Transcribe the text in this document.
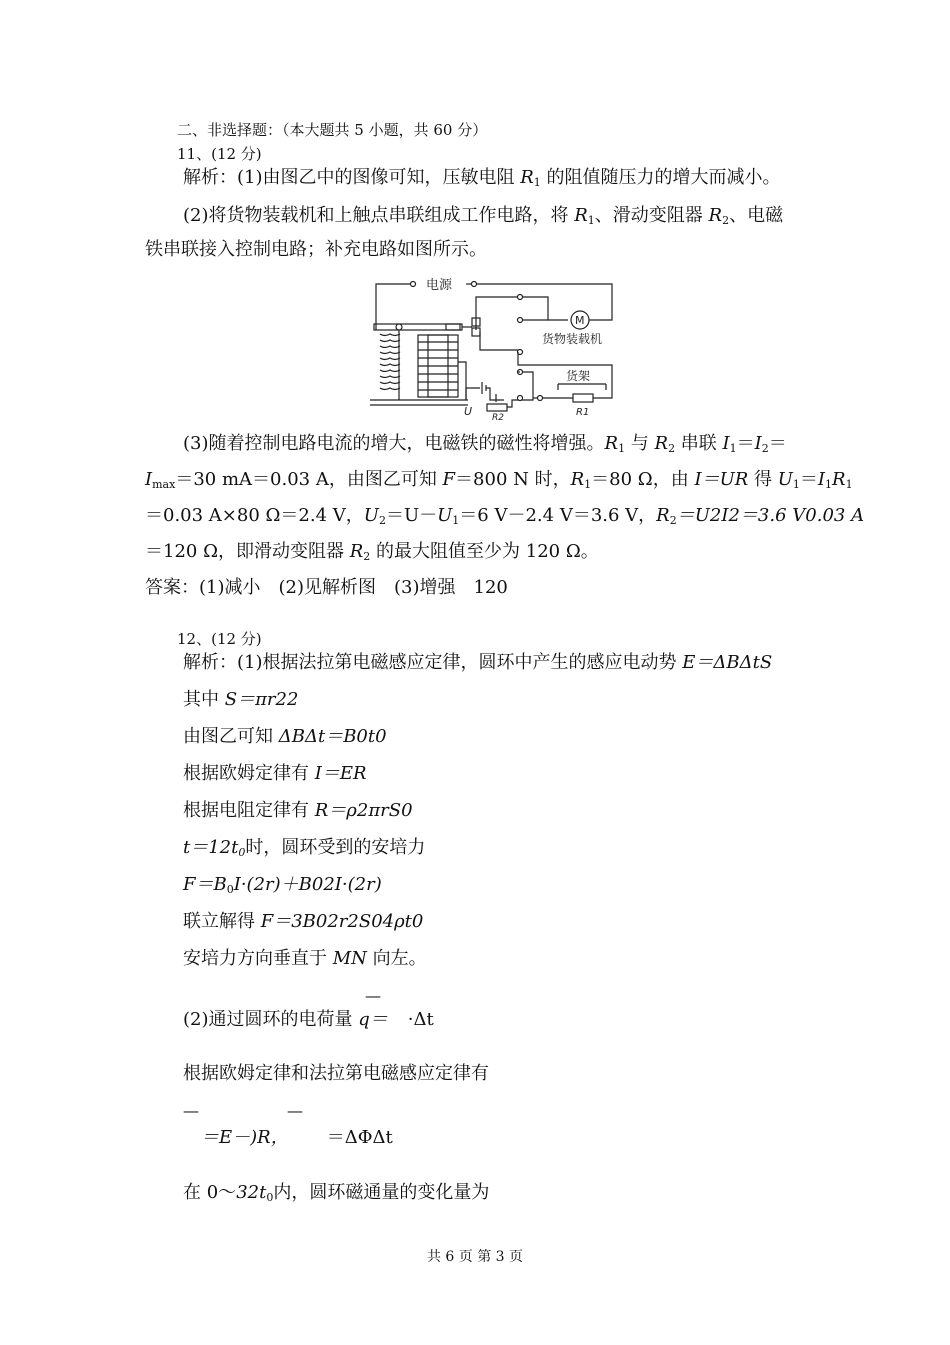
二、非选择题：（本大题共 5 小题，共 60 分）
11、(12 分)
解析：(1)由图乙中的图像可知，压敏电阻 $R_1$ 的阻值随压力的增大而减小。
(2)将货物装载机和上触点串联组成工作电路，将 $R_1$、滑动变阻器 $R_2$、电磁
铁串联接入控制电路；补充电路如图所示。
电源
M
货物装载机
货架
R1
R2
U
(3)随着控制电路电流的增大，电磁铁的磁性将增强。$R_1$ 与 $R_2$ 串联 $I_1=I_2=$
$I_{max}=30$ mA＝0.03 A，由图乙可知 F＝800 N 时，$R_1=80$ Ω，由 I＝UR 得 $U_1=I_1R_1$
＝0.03 A×80 Ω＝2.4 V，$U_2=U-U_1=6$ V－2.4 V＝3.6 V，$R_2=U2I2=3.6$ V0.03 A
＝120 Ω，即滑动变阻器 $R_2$ 的最大阻值至少为 120 Ω。
答案：(1)减小　(2)见解析图　(3)增强　120
12、(12 分)
解析：(1)根据法拉第电磁感应定律，圆环中产生的感应电动势 E＝ΔBΔtS
其中 S＝πr22
由图乙可知 ΔBΔt＝B0t0
根据欧姆定律有 I＝ER
根据电阻定律有 R＝ρ2πrS0
$t=12t_0$时，圆环受到的安培力
$F=B_0I\cdot(2r)+B02I\cdot(2r)$
联立解得 F＝3B02r2S04ρt0
安培力方向垂直于 MN 向左。
—
(2)通过圆环的电荷量 q＝ ·Δt
根据欧姆定律和法拉第电磁感应定律有
—	—
＝E－)R， ＝ΔΦΔt
在 $0\sim 32t_0$内，圆环磁通量的变化量为
共 6 页 第 3 页
